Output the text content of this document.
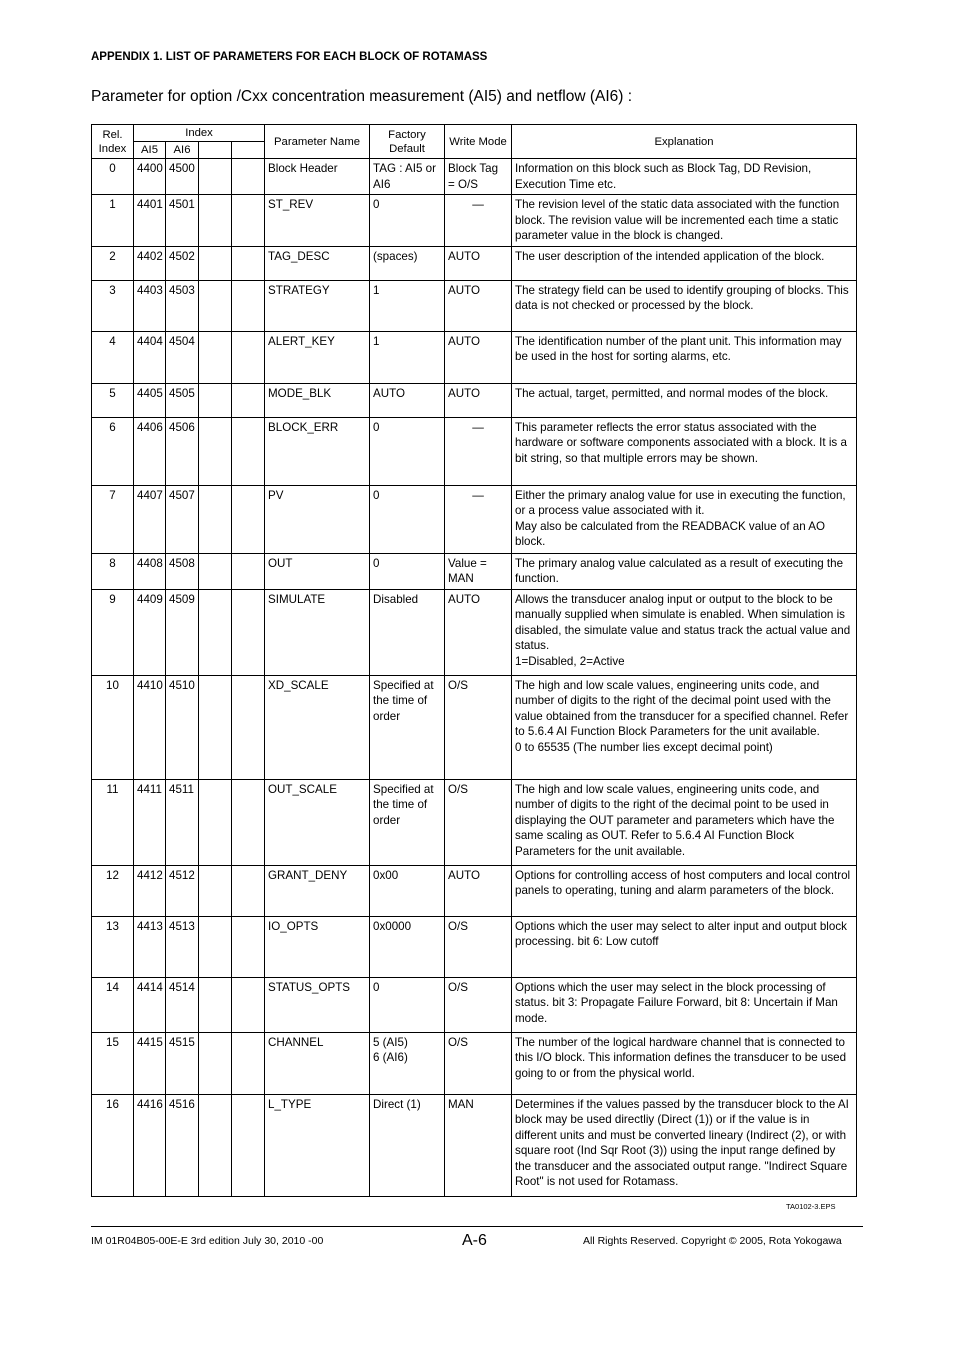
APPENDIX 1. LIST OF PARAMETERS FOR EACH BLOCK OF ROTAMASS
Parameter for option /Cxx concentration measurement (AI5) and netflow (AI6) :
Rel. Index	Index				Parameter Name	Factory Default	Write Mode	Explanation
	AI5	AI6						
0	4400	4500			Block Header	TAG : AI5 or AI6	Block Tag = O/S	Information on this block such as Block Tag, DD Revision, Execution Time etc.
1	4401	4501			ST_REV	0	—	The revision level of the static data associated with the function block. The revision value will be incremented each time a static parameter value in the block is changed.
2	4402	4502			TAG_DESC	(spaces)	AUTO	The user description of the intended application of the block.
3	4403	4503			STRATEGY	1	AUTO	The strategy field can be used to identify grouping of blocks. This data is not checked or processed by the block.
4	4404	4504			ALERT_KEY	1	AUTO	The identification number of the plant unit. This information may be used in the host for sorting alarms, etc.
5	4405	4505			MODE_BLK	AUTO	AUTO	The actual, target, permitted, and normal modes of the block.
6	4406	4506			BLOCK_ERR	0	—	This parameter reflects the error status associated with the hardware or software components associated with a block. It is a bit string, so that multiple errors may be shown.
7	4407	4507			PV	0	—	Either the primary analog value for use in executing the function, or a process value associated with it.
May also be calculated from the READBACK value of an AO block.
8	4408	4508			OUT	0	Value = MAN	The primary analog value calculated as a result of executing the function.
9	4409	4509			SIMULATE	Disabled	AUTO	Allows the transducer analog input or output to the block to be manually supplied when simulate is enabled. When simulation is disabled, the simulate value and status track the actual value and status.
1=Disabled, 2=Active
10	4410	4510			XD_SCALE	Specified at the time of order	O/S	The high and low scale values, engineering units code, and number of digits to the right of the decimal point used with the value obtained from the transducer for a specified channel. Refer to 5.6.4 AI Function Block Parameters for the unit available.
0 to 65535 (The number lies except decimal point)
11	4411	4511			OUT_SCALE	Specified at the time of order	O/S	The high and low scale values, engineering units code, and number of digits to the right of the decimal point to be used in displaying the OUT parameter and parameters which have the same scaling as OUT. Refer to 5.6.4 AI Function Block Parameters for the unit available.
12	4412	4512			GRANT_DENY	0x00	AUTO	Options for controlling access of host computers and local control panels to operating, tuning and alarm parameters of the block.
13	4413	4513			IO_OPTS	0x0000	O/S	Options which the user may select to alter input and output block processing. bit 6: Low cutoff
14	4414	4514			STATUS_OPTS	0	O/S	Options which the user may select in the block processing of status. bit 3: Propagate Failure Forward, bit 8: Uncertain if Man mode.
15	4415	4515			CHANNEL	5 (AI5)
6 (AI6)	O/S	The number of the logical hardware channel that is connected to this I/O block. This information defines the transducer to be used going to or from the physical world.
16	4416	4516			L_TYPE	Direct (1)	MAN	Determines if the values passed by the transducer block to the AI block may be used directliy (Direct (1)) or if the value is in different units and must be converted lineary (Indirect (2), or with square root (Ind Sqr Root (3)) using the input range defined by the transducer and the associated output range. "Indirect Square Root" is not used for Rotamass.
TA0102-3.EPS
IM 01R04B05-00E-E 3rd edition July 30, 2010 -00	A-6	All Rights Reserved. Copyright © 2005, Rota Yokogawa
